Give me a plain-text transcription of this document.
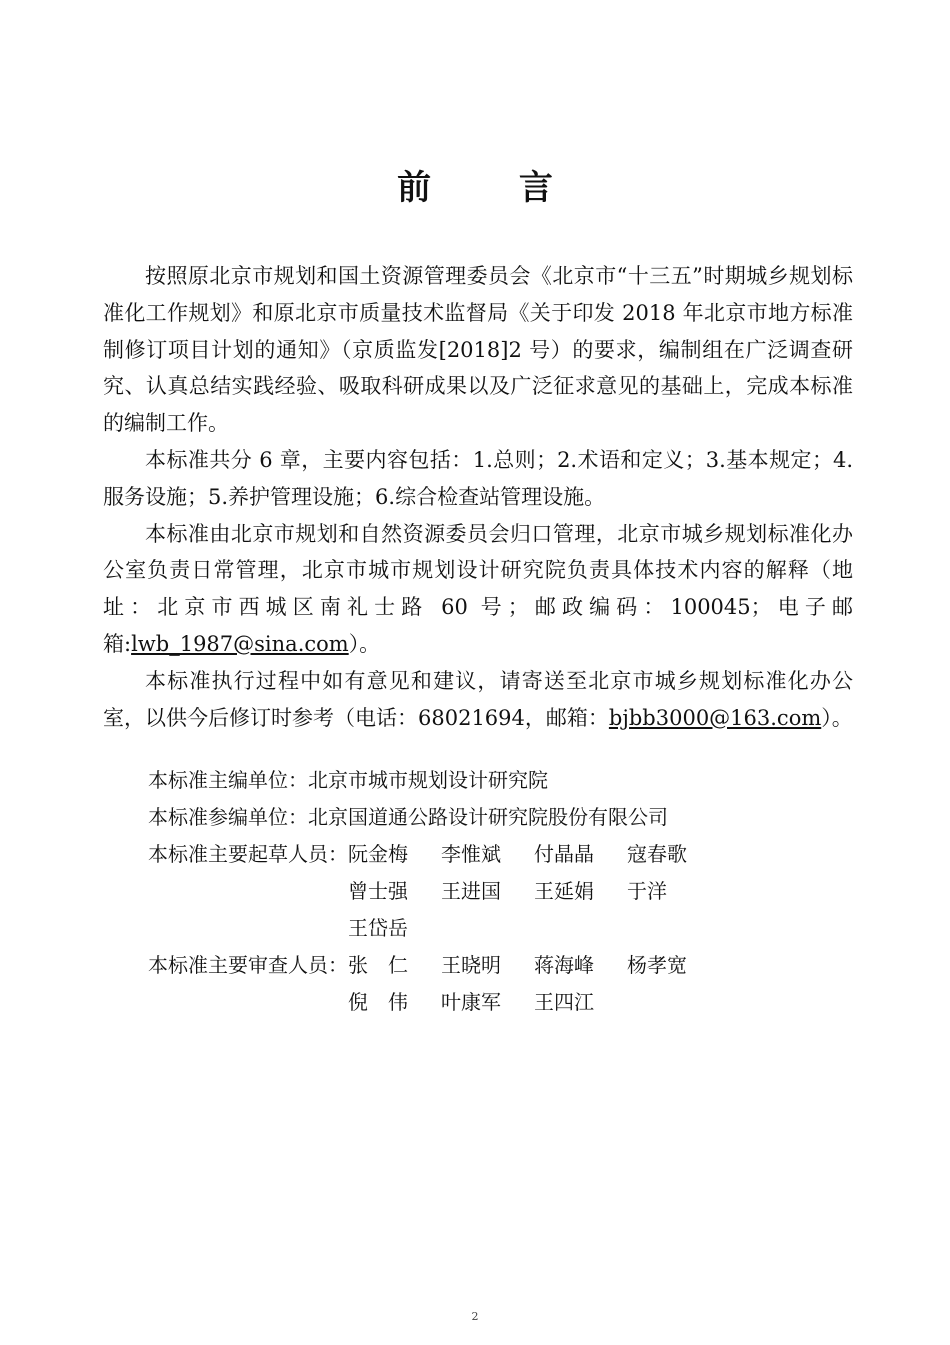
前 言

按照原北京市规划和国土资源管理委员会《北京市“十三五”时期城乡规划标准化工作规划》和原北京市质量技术监督局《关于印发 2018 年北京市地方标准制修订项目计划的通知》（京质监发[2018]2 号）的要求，编制组在广泛调查研究、认真总结实践经验、吸取科研成果以及广泛征求意见的基础上，完成本标准的编制工作。

本标准共分 6 章，主要内容包括：1.总则；2.术语和定义；3.基本规定；4.服务设施；5.养护管理设施；6.综合检查站管理设施。

本标准由北京市规划和自然资源委员会归口管理，北京市城乡规划标准化办公室负责日常管理，北京市城市规划设计研究院负责具体技术内容的解释（地址：北京市西城区南礼士路 60 号；邮政编码：100045；电子邮箱:lwb_1987@sina.com）。

本标准执行过程中如有意见和建议，请寄送至北京市城乡规划标准化办公室，以供今后修订时参考（电话：68021694，邮箱：bjbb3000@163.com）。

本标准主编单位： 北京市城市规划设计研究院
本标准参编单位： 北京国道通公路设计研究院股份有限公司
本标准主要起草人员： 阮金梅	李惟斌	付晶晶	寇春歌
曾士强	王进国	王延娟	于洋
王岱岳
本标准主要审查人员： 张　仁	王晓明	蒋海峰	杨孝宽
倪　伟	叶康军	王四江
2
